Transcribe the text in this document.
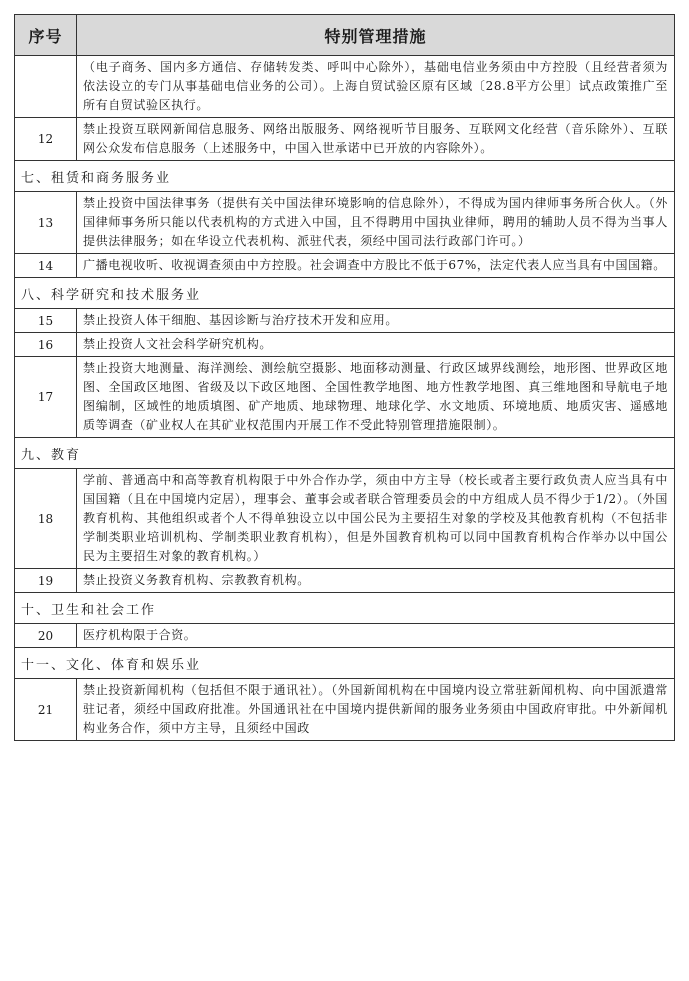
序号	特别管理措施
	（电子商务、国内多方通信、存储转发类、呼叫中心除外），基础电信业务须由中方控股（且经营者须为依法设立的专门从事基础电信业务的公司）。上海自贸试验区原有区域〔28.8平方公里〕试点政策推广至所有自贸试验区执行。
12	禁止投资互联网新闻信息服务、网络出版服务、网络视听节目服务、互联网文化经营（音乐除外）、互联网公众发布信息服务（上述服务中，中国入世承诺中已开放的内容除外）。
七、租赁和商务服务业	
13	禁止投资中国法律事务（提供有关中国法律环境影响的信息除外），不得成为国内律师事务所合伙人。（外国律师事务所只能以代表机构的方式进入中国，且不得聘用中国执业律师，聘用的辅助人员不得为当事人提供法律服务；如在华设立代表机构、派驻代表，须经中国司法行政部门许可。）
14	广播电视收听、收视调查须由中方控股。社会调查中方股比不低于67%，法定代表人应当具有中国国籍。
八、科学研究和技术服务业	
15	禁止投资人体干细胞、基因诊断与治疗技术开发和应用。
16	禁止投资人文社会科学研究机构。
17	禁止投资大地测量、海洋测绘、测绘航空摄影、地面移动测量、行政区域界线测绘，地形图、世界政区地图、全国政区地图、省级及以下政区地图、全国性教学地图、地方性教学地图、真三维地图和导航电子地图编制，区域性的地质填图、矿产地质、地球物理、地球化学、水文地质、环境地质、地质灾害、遥感地质等调查（矿业权人在其矿业权范围内开展工作不受此特别管理措施限制）。
九、教育	
18	学前、普通高中和高等教育机构限于中外合作办学，须由中方主导（校长或者主要行政负责人应当具有中国国籍（且在中国境内定居），理事会、董事会或者联合管理委员会的中方组成人员不得少于1/2）。（外国教育机构、其他组织或者个人不得单独设立以中国公民为主要招生对象的学校及其他教育机构（不包括非学制类职业培训机构、学制类职业教育机构），但是外国教育机构可以同中国教育机构合作举办以中国公民为主要招生对象的教育机构。）
19	禁止投资义务教育机构、宗教教育机构。
十、卫生和社会工作	
20	医疗机构限于合资。
十一、文化、体育和娱乐业	
21	禁止投资新闻机构（包括但不限于通讯社）。（外国新闻机构在中国境内设立常驻新闻机构、向中国派遣常驻记者，须经中国政府批准。外国通讯社在中国境内提供新闻的服务业务须由中国政府审批。中外新闻机构业务合作，须中方主导，且须经中国政
